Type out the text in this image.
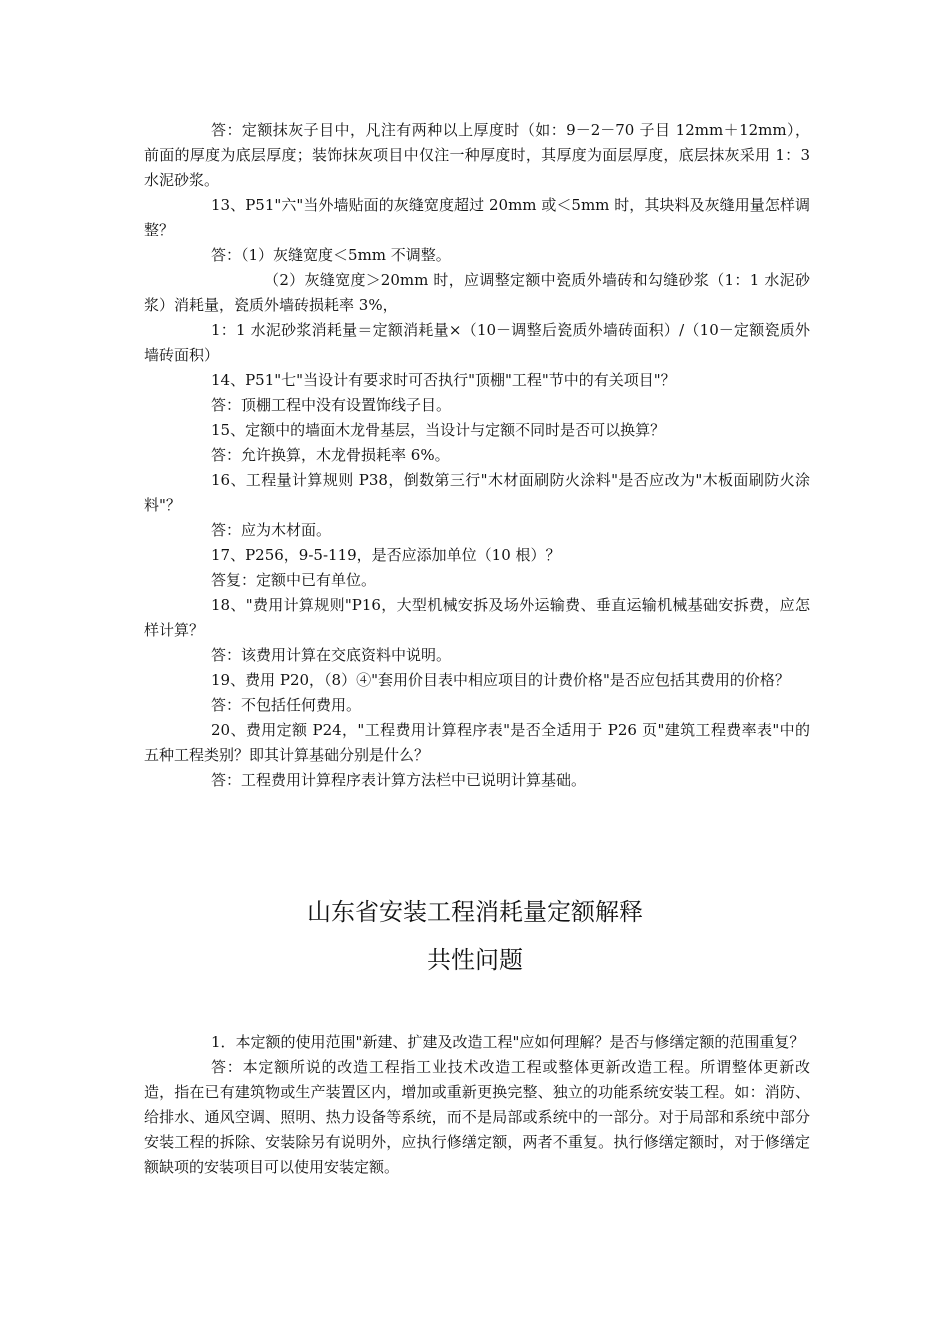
答：定额抹灰子目中，凡注有两种以上厚度时（如：9－2－70 子目 12mm＋12mm），前面的厚度为底层厚度；装饰抹灰项目中仅注一种厚度时，其厚度为面层厚度，底层抹灰采用 1：3 水泥砂浆。

13、P51"六"当外墙贴面的灰缝宽度超过 20mm 或＜5mm 时，其块料及灰缝用量怎样调整？

答：（1）灰缝宽度＜5mm 不调整。

（2）灰缝宽度＞20mm 时，应调整定额中瓷质外墙砖和勾缝砂浆（1：1 水泥砂浆）消耗量，瓷质外墙砖损耗率 3%，

1：1 水泥砂浆消耗量＝定额消耗量×（10－调整后瓷质外墙砖面积）/（10－定额瓷质外墙砖面积）

14、P51"七"当设计有要求时可否执行"顶棚"工程"节中的有关项目"？

答：顶棚工程中没有设置饰线子目。

15、定额中的墙面木龙骨基层，当设计与定额不同时是否可以换算？

答：允许换算，木龙骨损耗率 6%。

16、工程量计算规则 P38，倒数第三行"木材面刷防火涂料"是否应改为"木板面刷防火涂料"？

答：应为木材面。

17、P256，9-5-119，是否应添加单位（10 根）？

答复：定额中已有单位。

18、"费用计算规则"P16，大型机械安拆及场外运输费、垂直运输机械基础安拆费，应怎样计算？

答：该费用计算在交底资料中说明。

19、费用 P20，（8）④"套用价目表中相应项目的计费价格"是否应包括其费用的价格？

答：不包括任何费用。

20、费用定额 P24，"工程费用计算程序表"是否全适用于 P26 页"建筑工程费率表"中的五种工程类别？即其计算基础分别是什么？

答：工程费用计算程序表计算方法栏中已说明计算基础。

山东省安装工程消耗量定额解释
共性问题

1．本定额的使用范围"新建、扩建及改造工程"应如何理解？是否与修缮定额的范围重复？

答：本定额所说的改造工程指工业技术改造工程或整体更新改造工程。所谓整体更新改造，指在已有建筑物或生产装置区内，增加或重新更换完整、独立的功能系统安装工程。如：消防、给排水、通风空调、照明、热力设备等系统，而不是局部或系统中的一部分。对于局部和系统中部分安装工程的拆除、安装除另有说明外，应执行修缮定额，两者不重复。执行修缮定额时，对于修缮定额缺项的安装项目可以使用安装定额。
